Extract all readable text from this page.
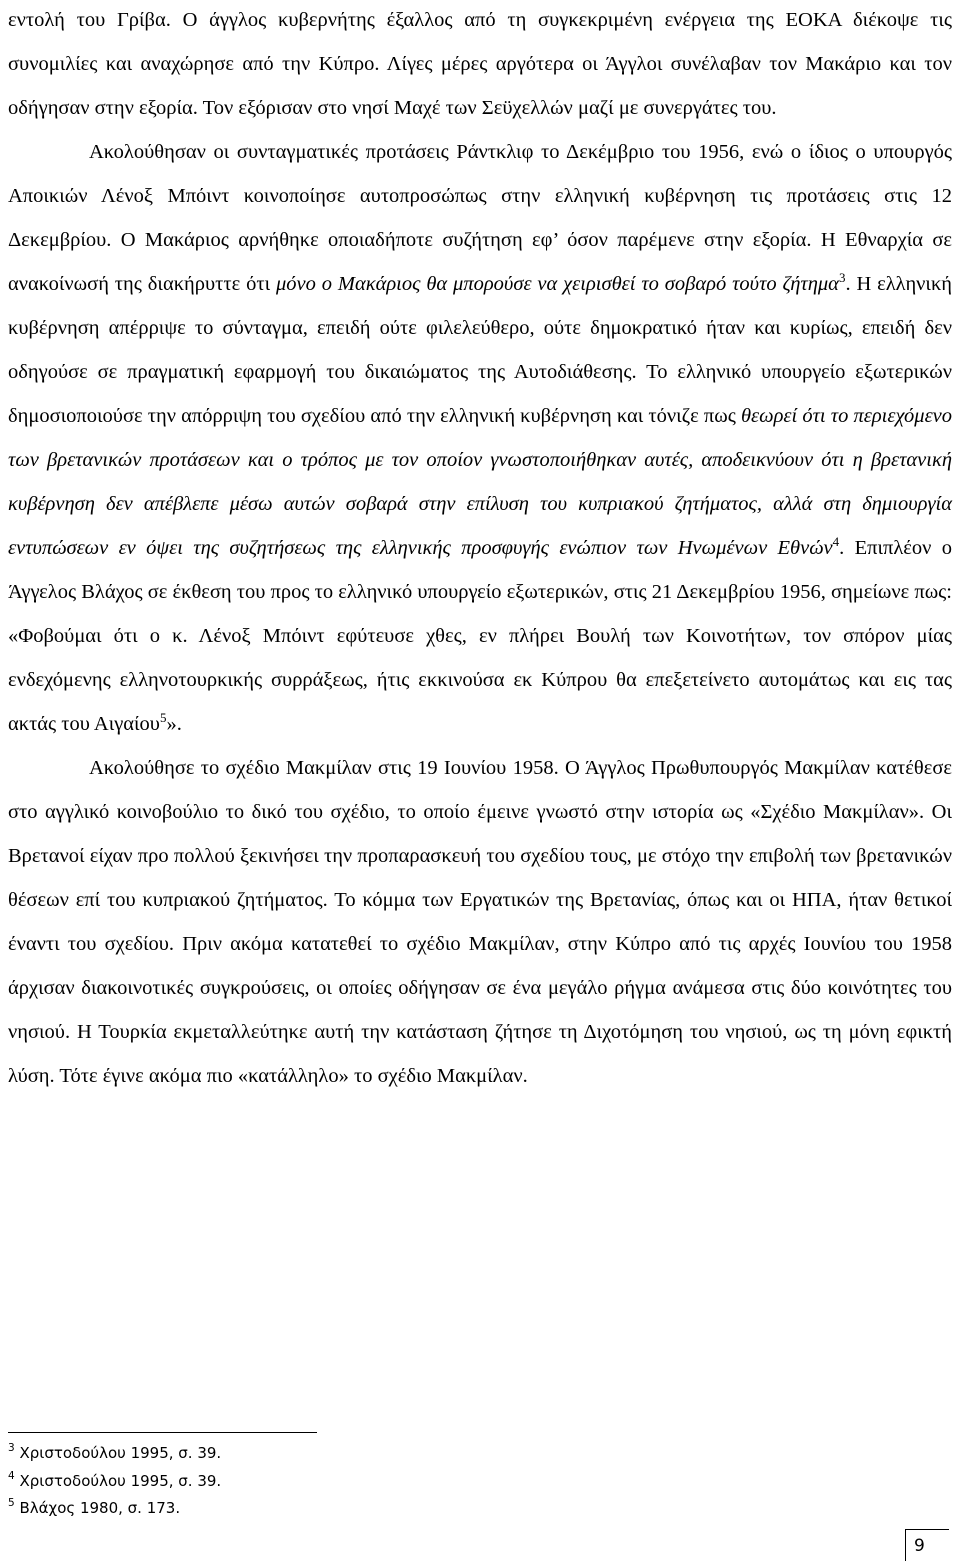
εντολή του Γρίβα. Ο άγγλος κυβερνήτης έξαλλος από τη συγκεκριμένη ενέργεια της ΕΟΚΑ διέκοψε τις συνομιλίες και αναχώρησε από την Κύπρο. Λίγες μέρες αργότερα οι Άγγλοι συνέλαβαν τον Μακάριο και τον οδήγησαν στην εξορία. Τον εξόρισαν στο νησί Μαχέ των Σεϋχελλών μαζί με συνεργάτες του.

Ακολούθησαν οι συνταγματικές προτάσεις Ράντκλιφ το Δεκέμβριο του 1956, ενώ ο ίδιος ο υπουργός Αποικιών Λένοξ Μπόιντ κοινοποίησε αυτοπροσώπως στην ελληνική κυβέρνηση τις προτάσεις στις 12 Δεκεμβρίου. Ο Μακάριος αρνήθηκε οποιαδήποτε συζήτηση εφ’ όσον παρέμενε στην εξορία. Η Εθναρχία σε ανακοίνωσή της διακήρυττε ότι μόνο ο Μακάριος θα μπορούσε να χειρισθεί το σοβαρό τούτο ζήτημα$^3$. Η ελληνική κυβέρνηση απέρριψε το σύνταγμα, επειδή ούτε φιλελεύθερο, ούτε δημοκρατικό ήταν και κυρίως, επειδή δεν οδηγούσε σε πραγματική εφαρμογή του δικαιώματος της Αυτοδιάθεσης. Το ελληνικό υπουργείο εξωτερικών δημοσιοποιούσε την απόρριψη του σχεδίου από την ελληνική κυβέρνηση και τόνιζε πως θεωρεί ότι το περιεχόμενο των βρετανικών προτάσεων και ο τρόπος με τον οποίον γνωστοποιήθηκαν αυτές, αποδεικνύουν ότι η βρετανική κυβέρνηση δεν απέβλεπε μέσω αυτών σοβαρά στην επίλυση του κυπριακού ζητήματος, αλλά στη δημιουργία εντυπώσεων εν όψει της συζητήσεως της ελληνικής προσφυγής ενώπιον των Ηνωμένων Εθνών$^4$. Επιπλέον ο Άγγελος Βλάχος σε έκθεση του προς το ελληνικό υπουργείο εξωτερικών, στις 21 Δεκεμβρίου 1956, σημείωνε πως: «Φοβούμαι ότι ο κ. Λένοξ Μπόιντ εφύτευσε χθες, εν πλήρει Βουλή των Κοινοτήτων, τον σπόρον μίας ενδεχόμενης ελληνοτουρκικής συρράξεως, ήτις εκκινούσα εκ Κύπρου θα επεξετείνετο αυτομάτως και εις τας ακτάς του Αιγαίου$^5$».

Ακολούθησε το σχέδιο Μακμίλαν στις 19 Ιουνίου 1958. Ο Άγγλος Πρωθυπουργός Μακμίλαν κατέθεσε στο αγγλικό κοινοβούλιο το δικό του σχέδιο, το οποίο έμεινε γνωστό στην ιστορία ως «Σχέδιο Μακμίλαν». Οι Βρετανοί είχαν προ πολλού ξεκινήσει την προπαρασκευή του σχεδίου τους, με στόχο την επιβολή των βρετανικών θέσεων επί του κυπριακού ζητήματος. Το κόμμα των Εργατικών της Βρετανίας, όπως και οι ΗΠΑ, ήταν θετικοί έναντι του σχεδίου. Πριν ακόμα κατατεθεί το σχέδιο Μακμίλαν, στην Κύπρο από τις αρχές Ιουνίου του 1958 άρχισαν διακοινοτικές συγκρούσεις, οι οποίες οδήγησαν σε ένα μεγάλο ρήγμα ανάμεσα στις δύο κοινότητες του νησιού. Η Τουρκία εκμεταλλεύτηκε αυτή την κατάσταση ζήτησε τη Διχοτόμηση του νησιού, ως τη μόνη εφικτή λύση. Τότε έγινε ακόμα πιο «κατάλληλο» το σχέδιο Μακμίλαν.

$^3$ Χριστοδούλου 1995, σ. 39.

$^4$ Χριστοδούλου 1995, σ. 39.

$^5$ Βλάχος 1980, σ. 173.

9
